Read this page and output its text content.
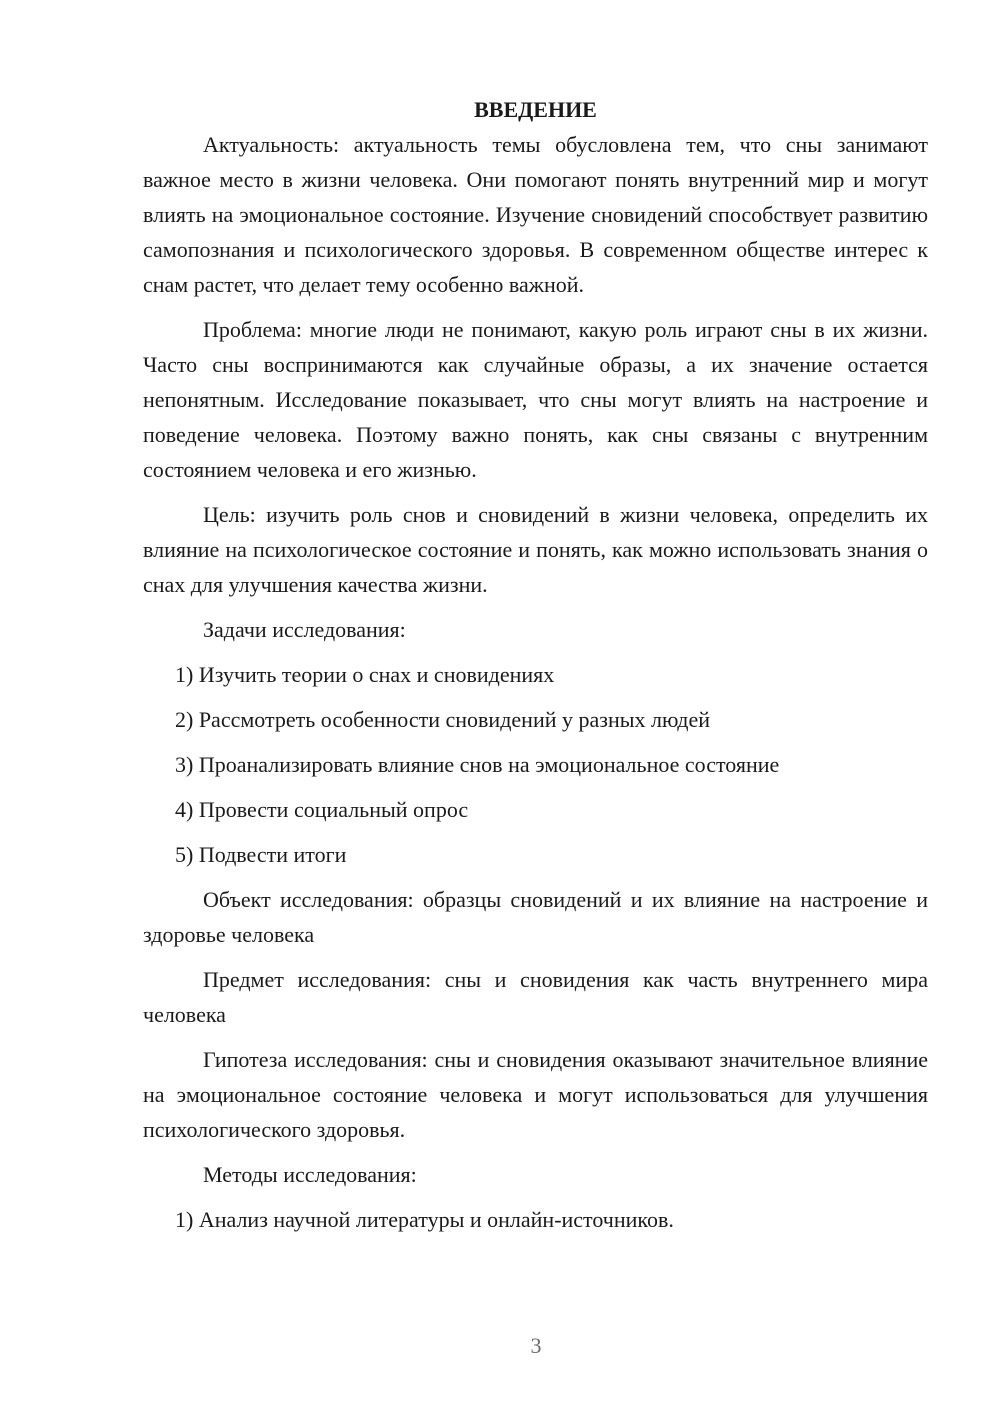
ВВЕДЕНИЕ

Актуальность: актуальность темы обусловлена тем, что сны занимают важное место в жизни человека. Они помогают понять внутренний мир и могут влиять на эмоциональное состояние. Изучение сновидений способствует развитию самопознания и психологического здоровья. В современном обществе интерес к снам растет, что делает тему особенно важной.

Проблема: многие люди не понимают, какую роль играют сны в их жизни. Часто сны воспринимаются как случайные образы, а их значение остается непонятным. Исследование показывает, что сны могут влиять на настроение и поведение человека. Поэтому важно понять, как сны связаны с внутренним состоянием человека и его жизнью.

Цель: изучить роль снов и сновидений в жизни человека, определить их влияние на психологическое состояние и понять, как можно использовать знания о снах для улучшения качества жизни.

Задачи исследования:

1) Изучить теории о снах и сновидениях

2) Рассмотреть особенности сновидений у разных людей

3) Проанализировать влияние снов на эмоциональное состояние

4) Провести социальный опрос

5) Подвести итоги

Объект исследования: образцы сновидений и их влияние на настроение и здоровье человека

Предмет исследования: сны и сновидения как часть внутреннего мира человека

Гипотеза исследования: сны и сновидения оказывают значительное влияние на эмоциональное состояние человека и могут использоваться для улучшения психологического здоровья.

Методы исследования:

1) Анализ научной литературы и онлайн-источников.

3
